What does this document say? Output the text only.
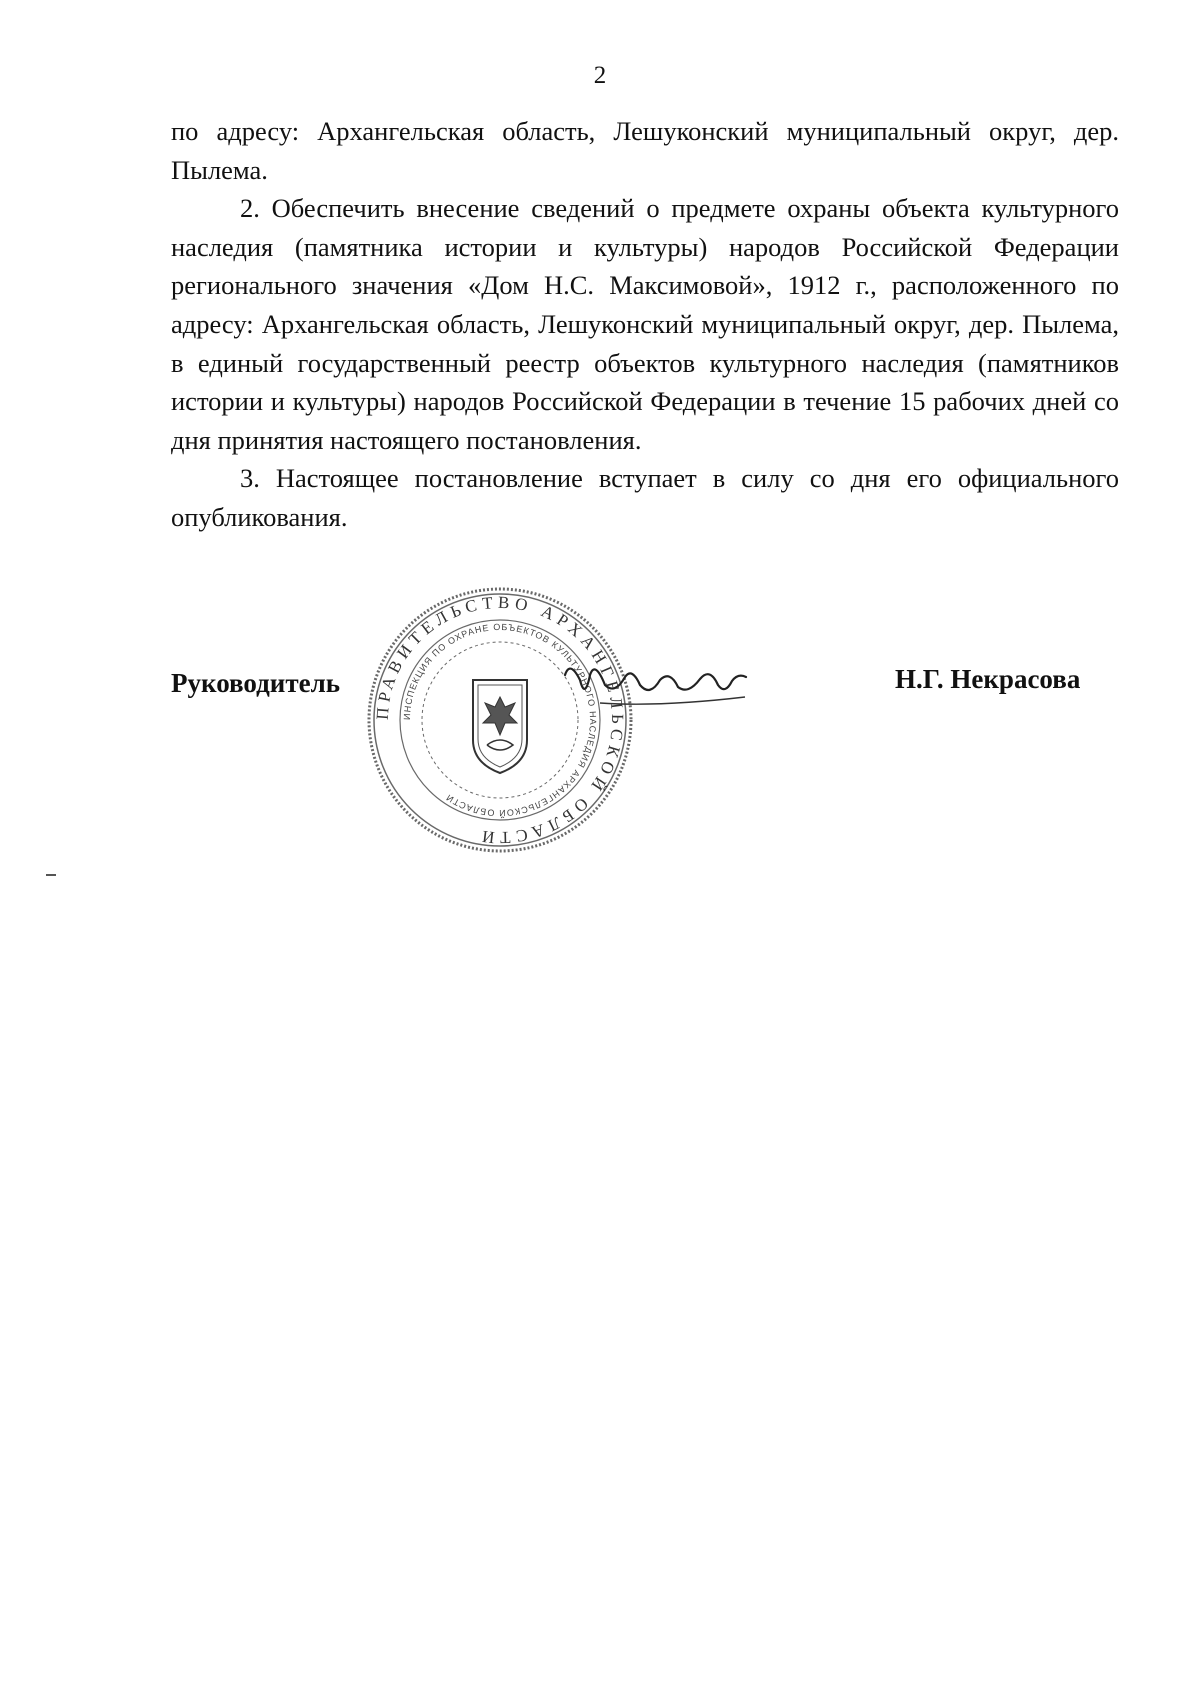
2

по адресу: Архангельская область, Лешуконский муниципальный округ, дер. Пылема.

2. Обеспечить внесение сведений о предмете охраны объекта культурного наследия (памятника истории и культуры) народов Российской Федерации регионального значения «Дом Н.С. Максимовой», 1912 г., расположенного по адресу: Архангельская область, Лешуконский муниципальный округ, дер. Пылема, в единый государственный реестр объектов культурного наследия (памятников истории и культуры) народов Российской Федерации в течение 15 рабочих дней со дня принятия настоящего постановления.

3. Настоящее постановление вступает в силу со дня его официального опубликования.

ПРАВИТЕЛЬСТВО АРХАНГЕЛЬСКОЙ ОБЛАСТИ
ИНСПЕКЦИЯ ПО ОХРАНЕ ОБЪЕКТОВ КУЛЬТУРНОГО НАСЛЕДИЯ АРХАНГЕЛЬСКОЙ ОБЛАСТИ
Руководитель	Н.Г. Некрасова
